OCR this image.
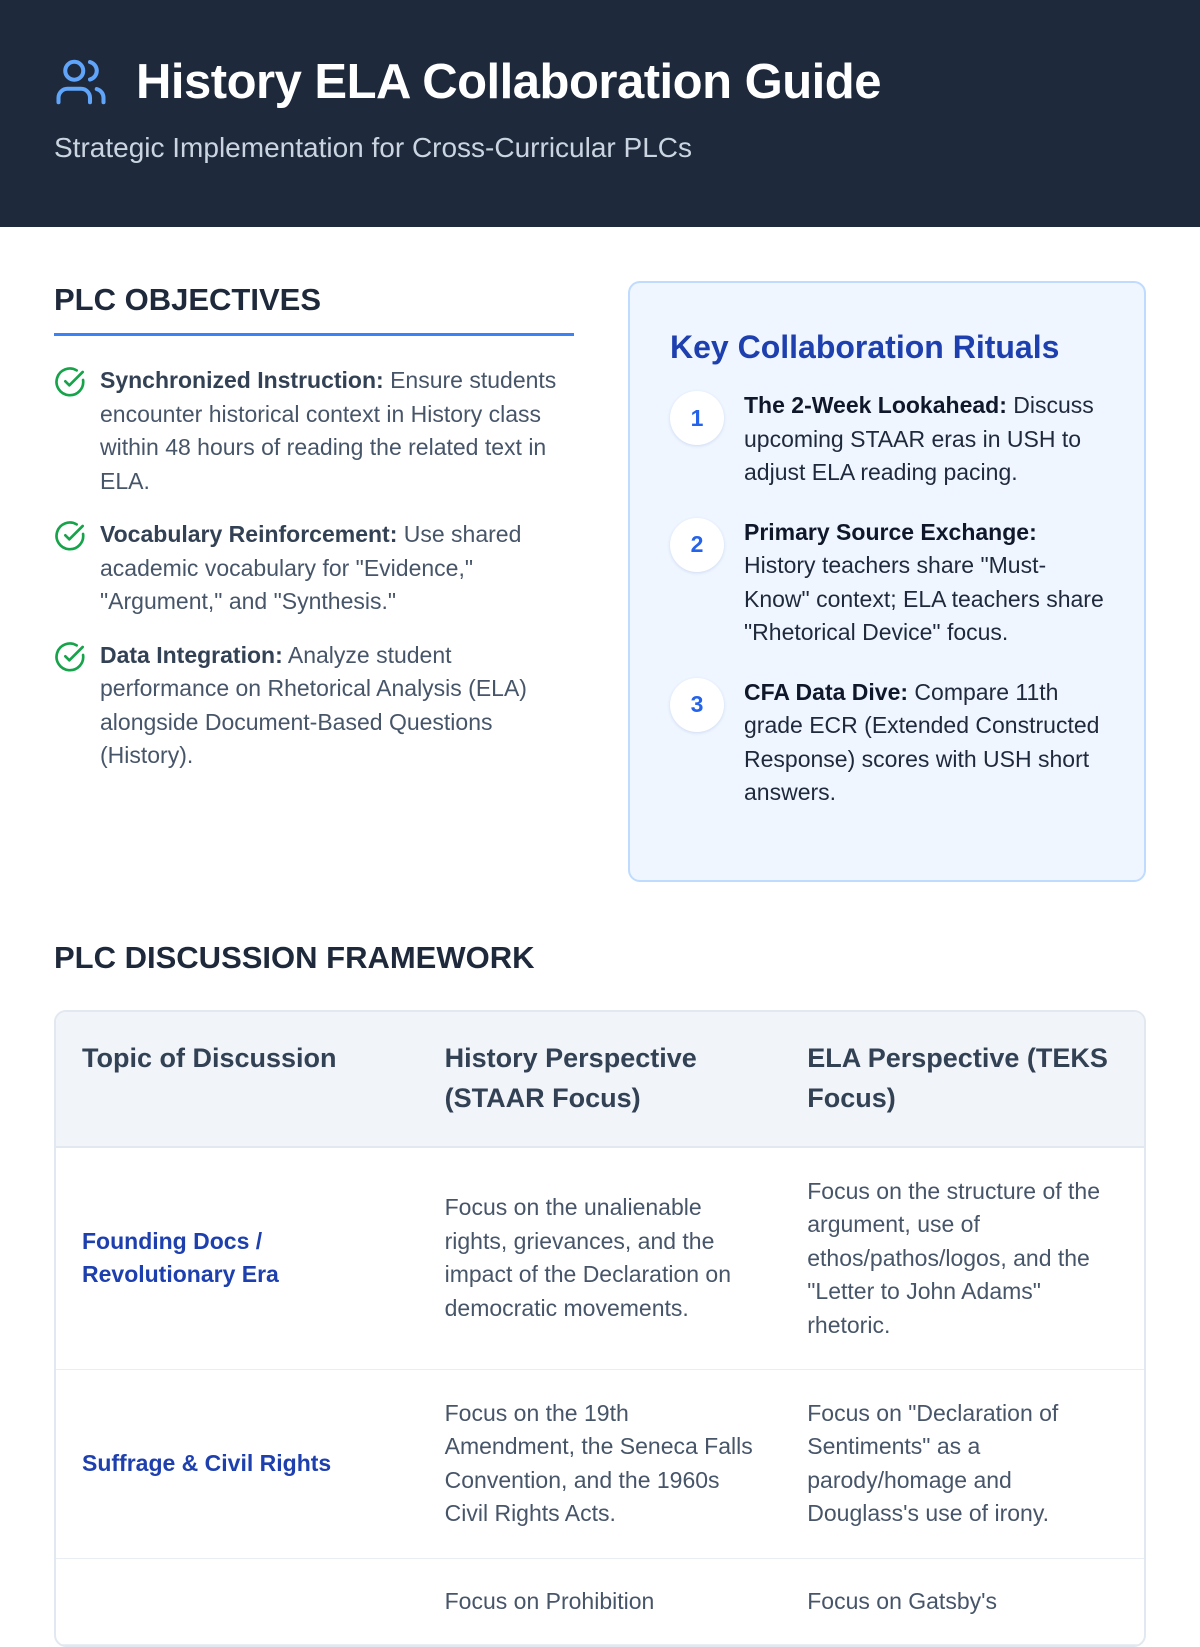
History ELA Collaboration Guide
Strategic Implementation for Cross-Curricular PLCs
PLC OBJECTIVES
Synchronized Instruction: Ensure students encounter historical context in History class within 48 hours of reading the related text in ELA.
Vocabulary Reinforcement: Use shared academic vocabulary for "Evidence," "Argument," and "Synthesis."
Data Integration: Analyze student performance on Rhetorical Analysis (ELA) alongside Document-Based Questions (History).
Key Collaboration Rituals
1	The 2-Week Lookahead: Discuss upcoming STAAR eras in USH to adjust ELA reading pacing.
2	Primary Source Exchange: History teachers share "Must-Know" context; ELA teachers share "Rhetorical Device" focus.
3	CFA Data Dive: Compare 11th grade ECR (Extended Constructed Response) scores with USH short answers.
PLC DISCUSSION FRAMEWORK
Topic of Discussion	History Perspective (STAAR Focus)	ELA Perspective (TEKS Focus)
Founding Docs / Revolutionary Era	Focus on the unalienable rights, grievances, and the impact of the Declaration on democratic movements.	Focus on the structure of the argument, use of ethos/pathos/logos, and the "Letter to John Adams" rhetoric.
Suffrage & Civil Rights	Focus on the 19th Amendment, the Seneca Falls Convention, and the 1960s Civil Rights Acts.	Focus on "Declaration of Sentiments" as a parody/homage and Douglass's use of irony.
	Focus on Prohibition	Focus on Gatsby's
